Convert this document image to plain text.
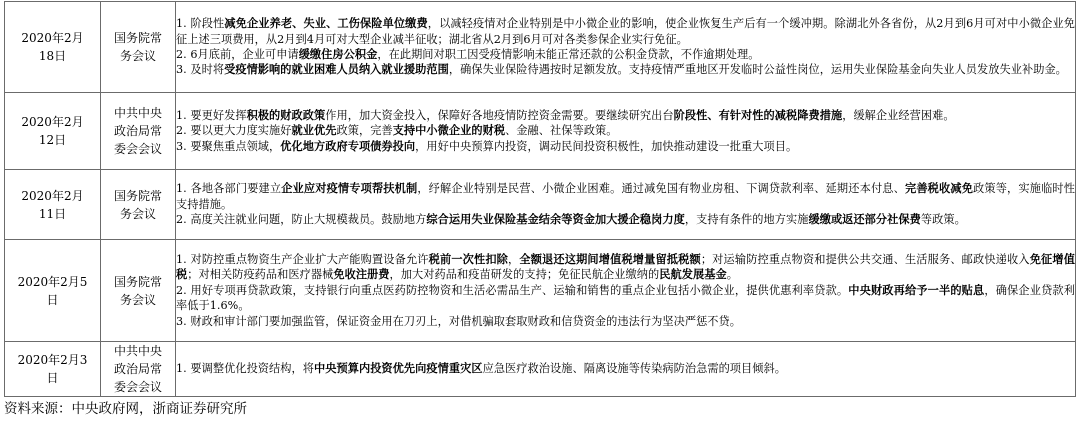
2020年2月18日	国务院常务会议	1. 阶段性减免企业养老、失业、工伤保险单位缴费，以减轻疫情对企业特别是中小微企业的影响，使企业恢复生产后有一个缓冲期。除湖北外各省份，从2月到6月可对中小微企业免征上述三项费用，从2月到4月可对大型企业减半征收；湖北省从2月到6月可对各类参保企业实行免征。

2. 6月底前，企业可申请缓缴住房公积金，在此期间对职工因受疫情影响未能正常还款的公积金贷款，不作逾期处理。

3. 及时将受疫情影响的就业困难人员纳入就业援助范围，确保失业保险待遇按时足额发放。支持疫情严重地区开发临时公益性岗位，运用失业保险基金向失业人员发放失业补助金。

2020年2月12日	中共中央政治局常委会会议	1. 要更好发挥积极的财政政策作用，加大资金投入，保障好各地疫情防控资金需要。要继续研究出台阶段性、有针对性的减税降费措施，缓解企业经营困难。

2. 要以更大力度实施好就业优先政策，完善支持中小微企业的财税、金融、社保等政策。

3. 要聚焦重点领域，优化地方政府专项债券投向，用好中央预算内投资，调动民间投资积极性，加快推动建设一批重大项目。

2020年2月11日	国务院常务会议	1. 各地各部门要建立企业应对疫情专项帮扶机制，纾解企业特别是民营、小微企业困难。通过减免国有物业房租、下调贷款利率、延期还本付息、完善税收减免政策等，实施临时性支持措施。

2. 高度关注就业问题，防止大规模裁员。鼓励地方综合运用失业保险基金结余等资金加大援企稳岗力度，支持有条件的地方实施缓缴或返还部分社保费等政策。

2020年2月5日	国务院常务会议	1. 对防控重点物资生产企业扩大产能购置设备允许税前一次性扣除，全额退还这期间增值税增量留抵税额；对运输防控重点物资和提供公共交通、生活服务、邮政快递收入免征增值税；对相关防疫药品和医疗器械免收注册费，加大对药品和疫苗研发的支持；免征民航企业缴纳的民航发展基金。

2. 用好专项再贷款政策，支持银行向重点医药防控物资和生活必需品生产、运输和销售的重点企业包括小微企业，提供优惠利率贷款。中央财政再给予一半的贴息，确保企业贷款利率低于1.6%。

3. 财政和审计部门要加强监管，保证资金用在刀刃上，对借机骗取套取财政和信贷资金的违法行为坚决严惩不贷。

2020年2月3日	中共中央政治局常委会会议	1. 要调整优化投资结构，将中央预算内投资优先向疫情重灾区应急医疗救治设施、隔离设施等传染病防治急需的项目倾斜。

资料来源：中央政府网，浙商证券研究所
